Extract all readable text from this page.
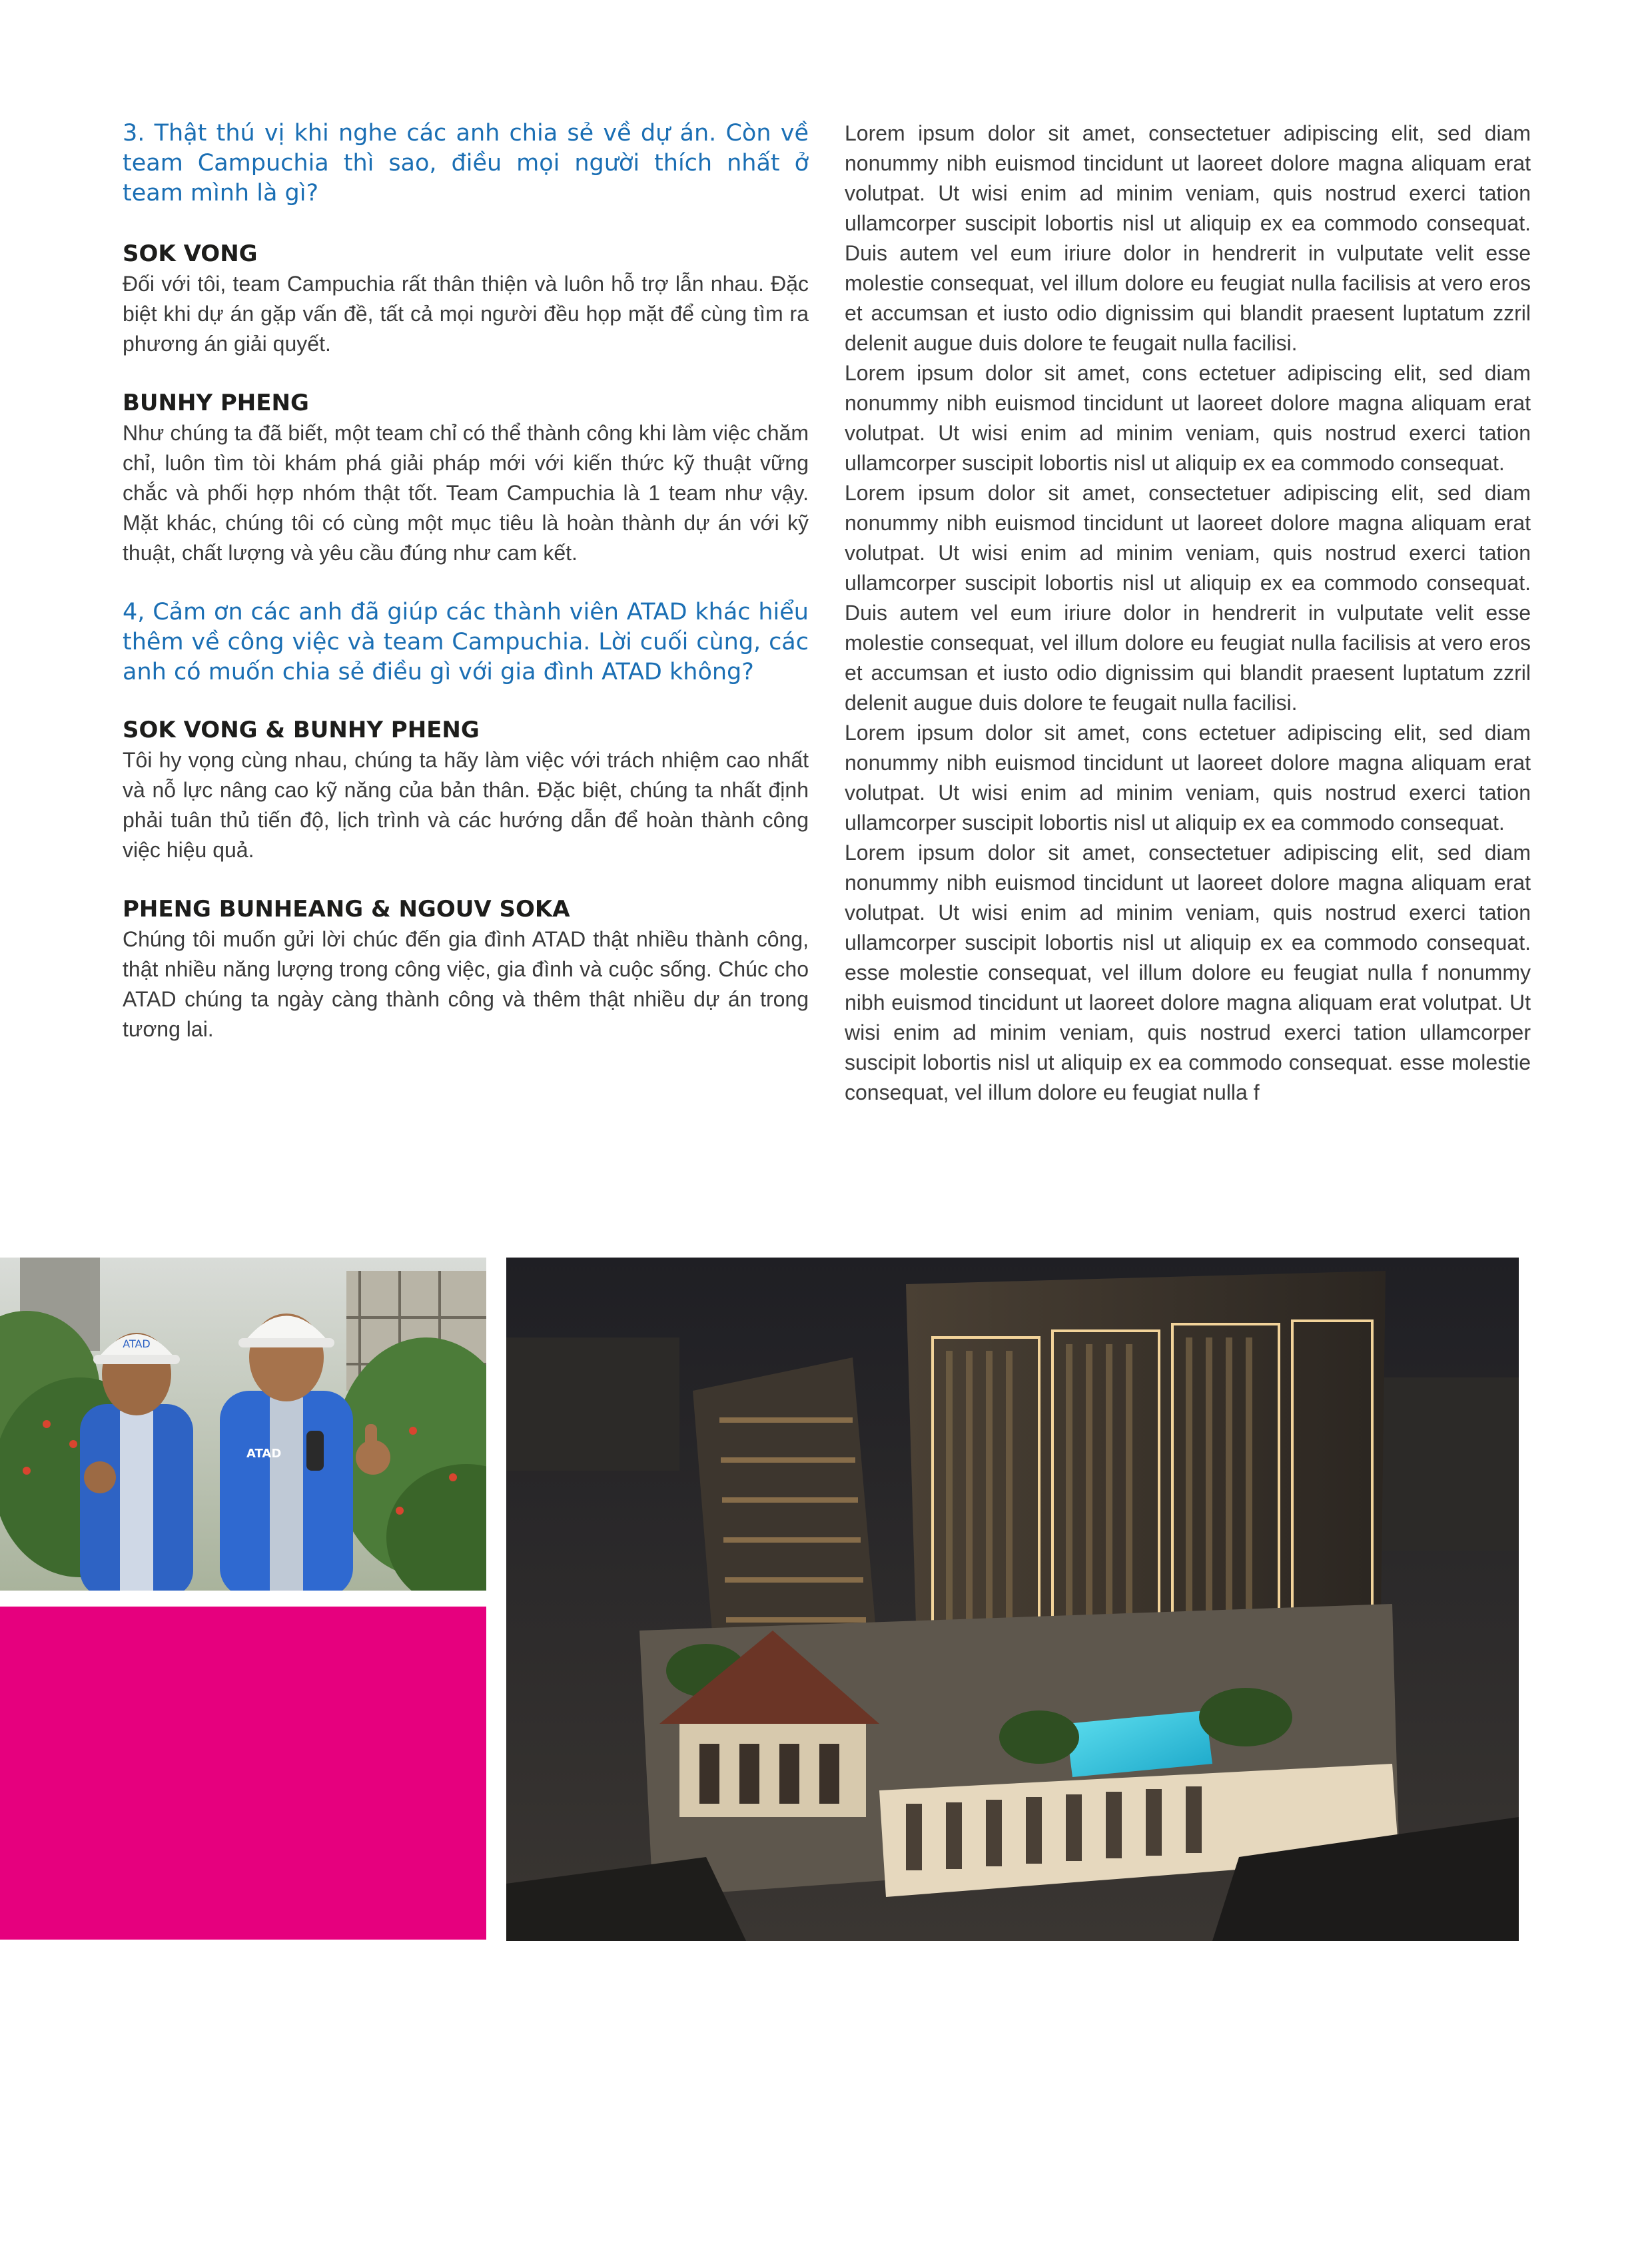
3. Thật thú vị khi nghe các anh chia sẻ về dự án. Còn về team Campuchia thì sao, điều mọi người thích nhất ở team mình là gì?

SOK VONG

Đối với tôi, team Campuchia rất thân thiện và luôn hỗ trợ lẫn nhau. Đặc biệt khi dự án gặp vấn đề, tất cả mọi người đều họp mặt để cùng tìm ra phương án giải quyết.

BUNHY PHENG

Như chúng ta đã biết, một team chỉ có thể thành công khi làm việc chăm chỉ, luôn tìm tòi khám phá giải pháp mới với kiến thức kỹ thuật vững chắc và phối hợp nhóm thật tốt. Team Campuchia là 1 team như vậy. Mặt khác, chúng tôi có cùng một mục tiêu là hoàn thành dự án với kỹ thuật, chất lượng và yêu cầu đúng như cam kết.

4, Cảm ơn các anh đã giúp các thành viên ATAD khác hiểu thêm về công việc và team Campuchia. Lời cuối cùng, các anh có muốn chia sẻ điều gì với gia đình ATAD không?

SOK VONG & BUNHY PHENG

Tôi hy vọng cùng nhau, chúng ta hãy làm việc với trách nhiệm cao nhất và nỗ lực nâng cao kỹ năng của bản thân. Đặc biệt, chúng ta nhất định phải tuân thủ tiến độ, lịch trình và các hướng dẫn để hoàn thành công việc hiệu quả.

PHENG BUNHEANG & NGOUV SOKA

Chúng tôi muốn gửi lời chúc đến gia đình ATAD thật nhiều thành công, thật nhiều năng lượng trong công việc, gia đình và cuộc sống. Chúc cho ATAD chúng ta ngày càng thành công và thêm thật nhiều dự án trong tương lai.

Lorem ipsum dolor sit amet, consectetuer adipiscing elit, sed diam nonummy nibh euismod tincidunt ut laoreet dolore magna aliquam erat volutpat. Ut wisi enim ad minim veniam, quis nostrud exerci tation ullamcorper suscipit lobortis nisl ut aliquip ex ea commodo consequat. Duis autem vel eum iriure dolor in hendrerit in vulputate velit esse molestie consequat, vel illum dolore eu feugiat nulla facilisis at vero eros et accumsan et iusto odio dignissim qui blandit praesent luptatum zzril delenit augue duis dolore te feugait nulla facilisi.

Lorem ipsum dolor sit amet, cons ectetuer adipiscing elit, sed diam nonummy nibh euismod tincidunt ut laoreet dolore magna aliquam erat volutpat. Ut wisi enim ad minim veniam, quis nostrud exerci tation ullamcorper suscipit lobortis nisl ut aliquip ex ea commodo consequat.

Lorem ipsum dolor sit amet, consectetuer adipiscing elit, sed diam nonummy nibh euismod tincidunt ut laoreet dolore magna aliquam erat volutpat. Ut wisi enim ad minim veniam, quis nostrud exerci tation ullamcorper suscipit lobortis nisl ut aliquip ex ea commodo consequat. Duis autem vel eum iriure dolor in hendrerit in vulputate velit esse molestie consequat, vel illum dolore eu feugiat nulla facilisis at vero eros et accumsan et iusto odio dignissim qui blandit praesent luptatum zzril delenit augue duis dolore te feugait nulla facilisi.

Lorem ipsum dolor sit amet, cons ectetuer adipiscing elit, sed diam nonummy nibh euismod tincidunt ut laoreet dolore magna aliquam erat volutpat. Ut wisi enim ad minim veniam, quis nostrud exerci tation ullamcorper suscipit lobortis nisl ut aliquip ex ea commodo consequat.

Lorem ipsum dolor sit amet, consectetuer adipiscing elit, sed diam nonummy nibh euismod tincidunt ut laoreet dolore magna aliquam erat volutpat. Ut wisi enim ad minim veniam, quis nostrud exerci tation ullamcorper suscipit lobortis nisl ut aliquip ex ea commodo consequat. esse molestie consequat, vel illum dolore eu feugiat nulla f nonummy nibh euismod tincidunt ut laoreet dolore magna aliquam erat volutpat. Ut wisi enim ad minim veniam, quis nostrud exerci tation ullamcorper suscipit lobortis nisl ut aliquip ex ea commodo consequat. esse molestie consequat, vel illum dolore eu feugiat nulla f

ATAD
ATAD
